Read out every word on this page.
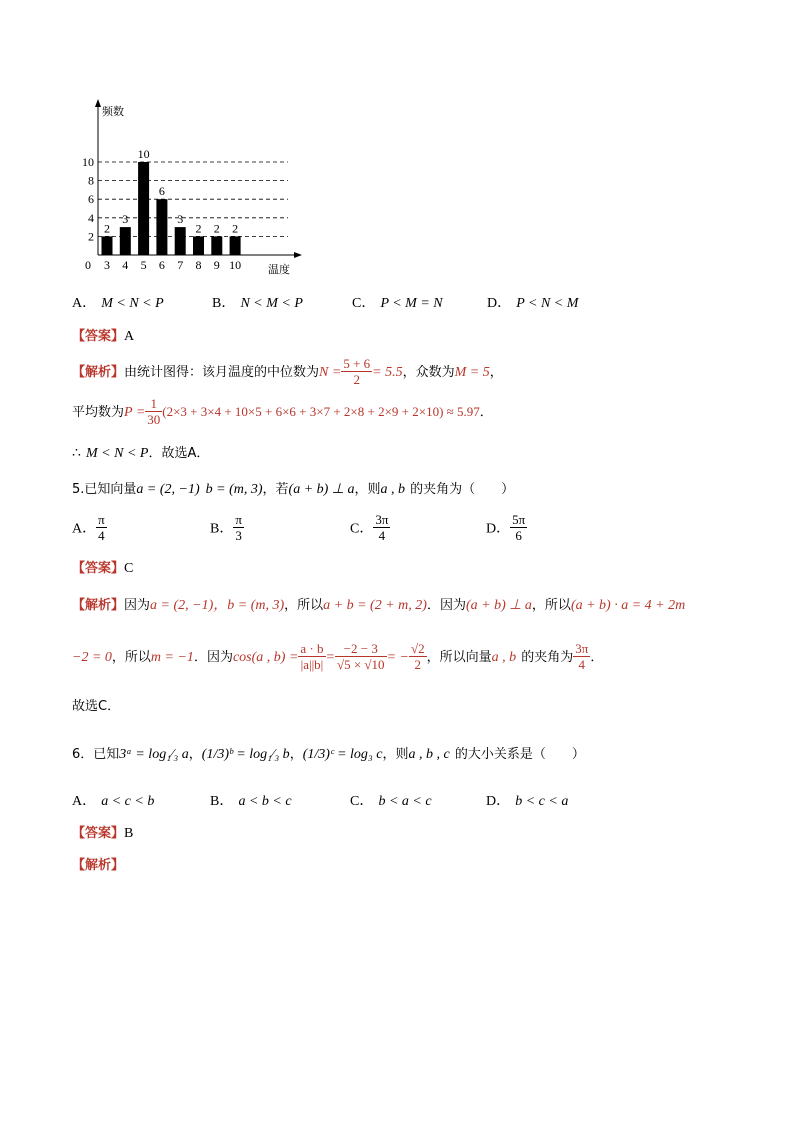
频数
2
4
6
8
10
0
2
3
3
4
10
5
6
6
3
7
2
8
2
9
2
10 温度
A． M < N < P	B． N < M < P	C． P < M = N	D． P < N < M
【答案】A
【解析】由统计图得：该月温度的中位数为$N = \frac{5 + 6}{2} = 5.5$，众数为M = 5，
平均数为$P = \frac{1}{30} (2\times 3 + 3\times 4 + 10\times 5 + 6\times 6 + 3\times 7 + 2\times 8 + 2\times 9 + 2\times 10) \approx 5.97$．
∴ M < N < P．故选A．
5.已知向量a = (2, −1) b = (m, 3)，若(a + b) ⊥ a，则a , b 的夹角为（　　）
A． $\frac{\pi}{4}$	B． $\frac{\pi}{3}$	C． $\frac{3\pi}{4}$	D． $\frac{5\pi}{6}$
【答案】C
【解析】因为a = (2, −1)，b = (m, 3)，所以a + b = (2 + m, 2)．因为(a + b) ⊥ a，所以(a + b) · a = 4 + 2m
−2 = 0，所以m = −1．因为cos(a , $b) = \frac{a \cdot b}{|a||b|} = \frac{-2 - 3}{√5 \times √10}$ = − $\frac{√2}{2}$ ，所以向量a , b 的夹角为 $\frac{3\pi}{4}$ ．
故选C．
6．已知3ᵃ = log₁⁄₃ a，(1/3)ᵇ = log₁⁄₃ b，(1/3)ᶜ = log₃ c，则a , b , c 的大小关系是（　　）
A． a < c < b	B． a < b < c	C． b < a < c	D． b < c < a
【答案】B
【解析】
